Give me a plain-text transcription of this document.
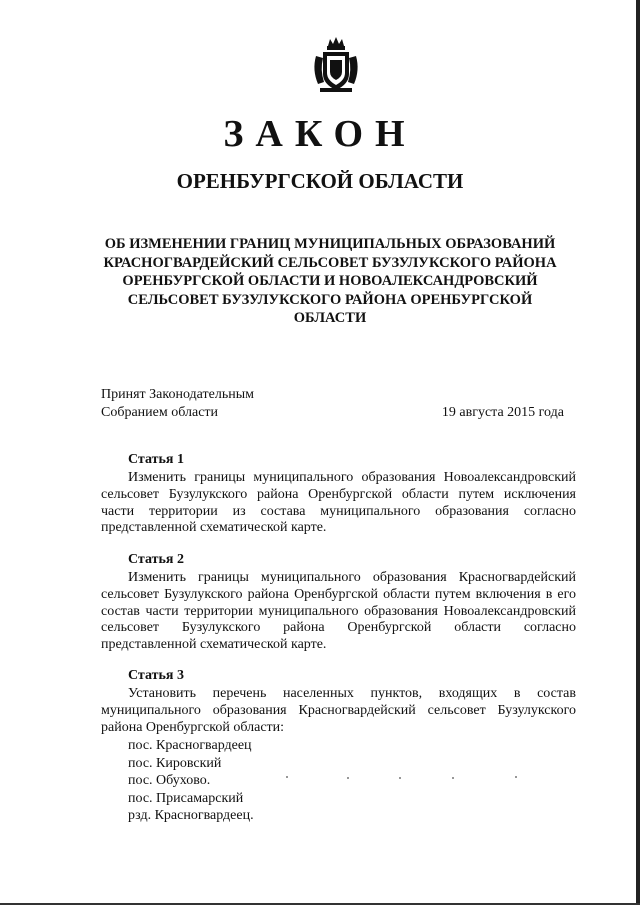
ЗАКОН
ОРЕНБУРГСКОЙ ОБЛАСТИ
ОБ ИЗМЕНЕНИИ ГРАНИЦ МУНИЦИПАЛЬНЫХ ОБРАЗОВАНИЙ
КРАСНОГВАРДЕЙСКИЙ СЕЛЬСОВЕТ БУЗУЛУКСКОГО РАЙОНА
ОРЕНБУРГСКОЙ ОБЛАСТИ И НОВОАЛЕКСАНДРОВСКИЙ
СЕЛЬСОВЕТ БУЗУЛУКСКОГО РАЙОНА ОРЕНБУРГСКОЙ
ОБЛАСТИ
Принят Законодательным
Собранием области	19 августа 2015 года
Статья 1
Изменить границы муниципального образования Новоалександровский
сельсовет Бузулукского района Оренбургской области путем исключения
части территории из состава муниципального образования согласно
представленной схематической карте.
Статья 2
Изменить границы муниципального образования Красногвардейский
сельсовет Бузулукского района Оренбургской области путем включения в его
состав части территории муниципального образования Новоалександровский
сельсовет Бузулукского района Оренбургской области согласно
представленной схематической карте.
Статья 3
Установить перечень населенных пунктов, входящих в состав
муниципального образования Красногвардейский сельсовет Бузулукского
района Оренбургской области:
пос. Красногвардеец
пос. Кировский
пос. Обухово.
пос. Присамарский
рзд. Красногвардеец.
